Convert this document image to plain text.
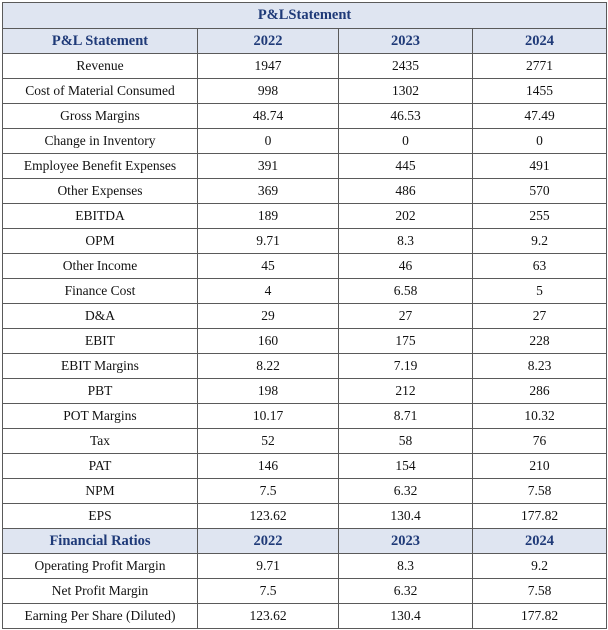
P&LStatement			
P&L Statement	2022	2023	2024
Revenue	1947	2435	2771
Cost of Material Consumed	998	1302	1455
Gross Margins	48.74	46.53	47.49
Change in Inventory	0	0	0
Employee Benefit Expenses	391	445	491
Other Expenses	369	486	570
EBITDA	189	202	255
OPM	9.71	8.3	9.2
Other Income	45	46	63
Finance Cost	4	6.58	5
D&A	29	27	27
EBIT	160	175	228
EBIT Margins	8.22	7.19	8.23
PBT	198	212	286
POT Margins	10.17	8.71	10.32
Tax	52	58	76
PAT	146	154	210
NPM	7.5	6.32	7.58
EPS	123.62	130.4	177.82
Financial Ratios	2022	2023	2024
Operating Profit Margin	9.71	8.3	9.2
Net Profit Margin	7.5	6.32	7.58
Earning Per Share (Diluted)	123.62	130.4	177.82
